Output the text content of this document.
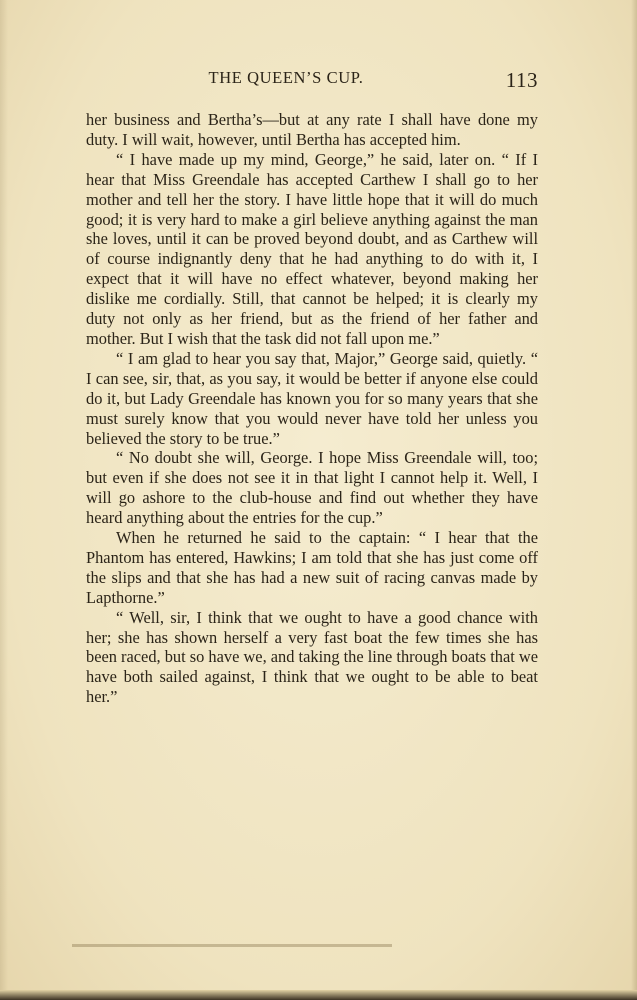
THE QUEEN’S CUP.	113

her business and Bertha’s—but at any rate I shall have done my duty. I will wait, however, until Bertha has accepted him.

“ I have made up my mind, George,” he said, later on. “ If I hear that Miss Greendale has accepted Carthew I shall go to her mother and tell her the story. I have little hope that it will do much good; it is very hard to make a girl believe anything against the man she loves, until it can be proved beyond doubt, and as Carthew will of course indignantly deny that he had anything to do with it, I expect that it will have no effect whatever, beyond making her dislike me cordially. Still, that cannot be helped; it is clearly my duty not only as her friend, but as the friend of her father and mother. But I wish that the task did not fall upon me.”

“ I am glad to hear you say that, Major,” George said, quietly. “ I can see, sir, that, as you say, it would be better if anyone else could do it, but Lady Greendale has known you for so many years that she must surely know that you would never have told her unless you believed the story to be true.”

“ No doubt she will, George. I hope Miss Greendale will, too; but even if she does not see it in that light I cannot help it. Well, I will go ashore to the club-house and find out whether they have heard anything about the entries for the cup.”

When he returned he said to the captain: “ I hear that the Phantom has entered, Hawkins; I am told that she has just come off the slips and that she has had a new suit of racing canvas made by Lapthorne.”

“ Well, sir, I think that we ought to have a good chance with her; she has shown herself a very fast boat the few times she has been raced, but so have we, and taking the line through boats that we have both sailed against, I think that we ought to be able to beat her.”
